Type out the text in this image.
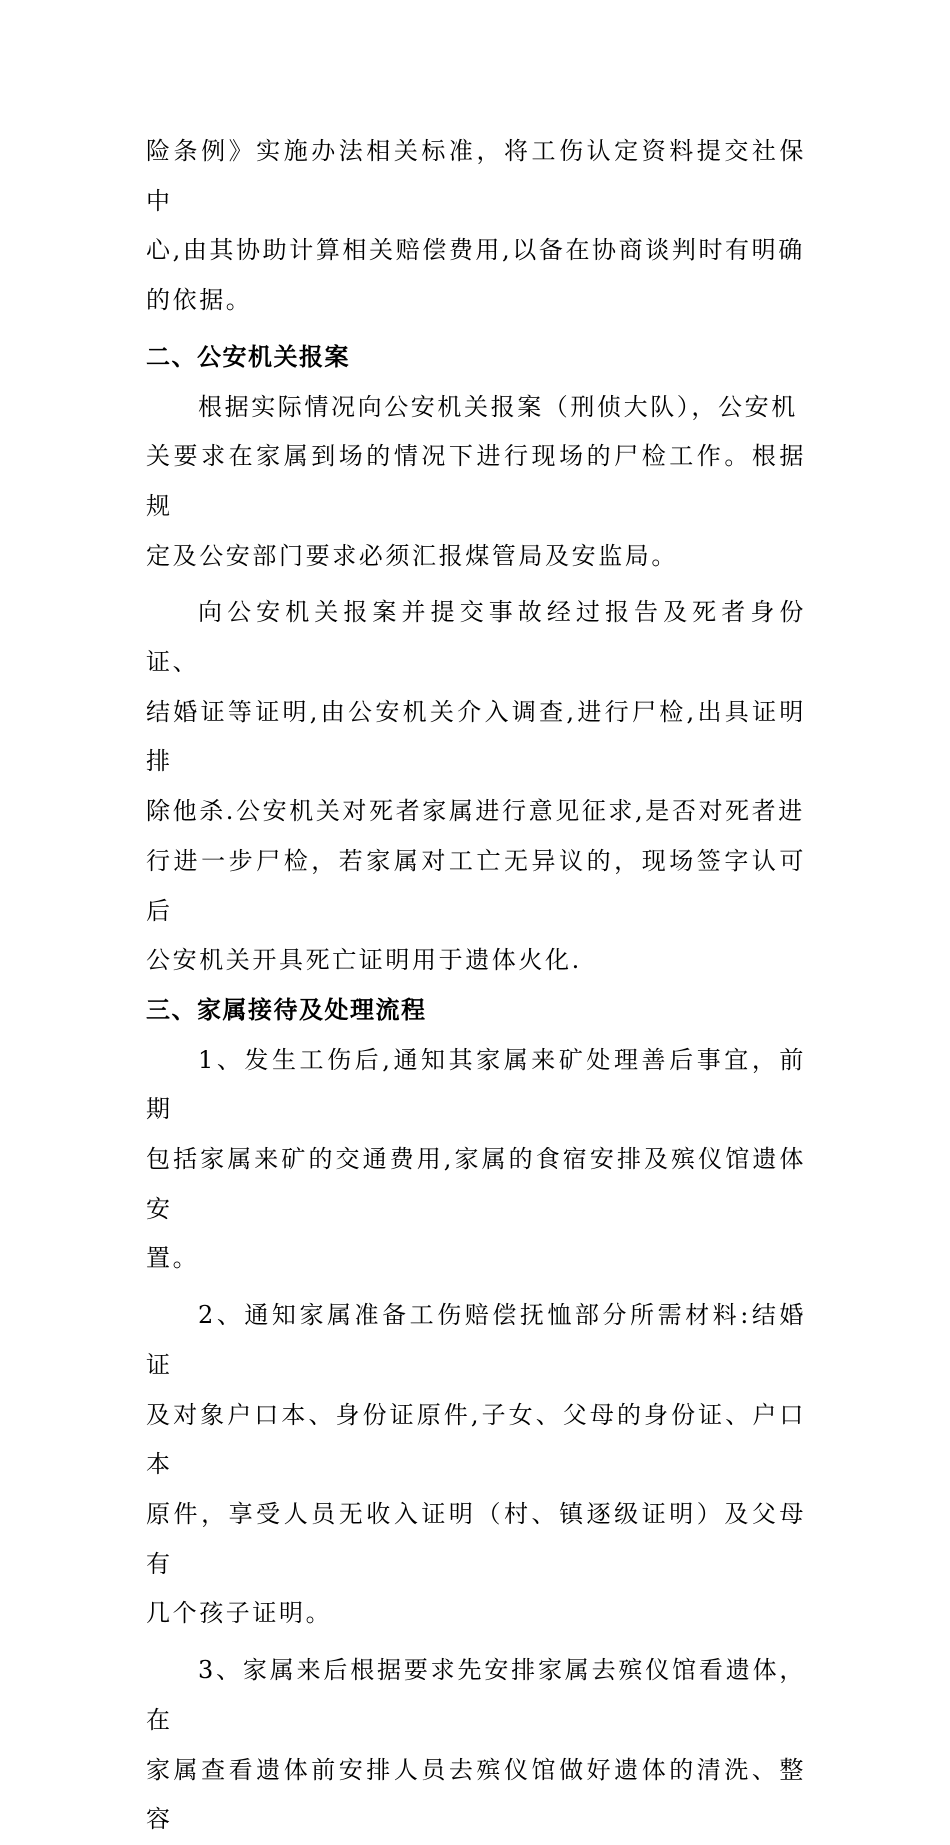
险条例》实施办法相关标准，将工伤认定资料提交社保中
心,由其协助计算相关赔偿费用,以备在协商谈判时有明确
的依据。

二、公安机关报案

根据实际情况向公安机关报案（刑侦大队），公安机
关要求在家属到场的情况下进行现场的尸检工作。根据规
定及公安部门要求必须汇报煤管局及安监局。

向公安机关报案并提交事故经过报告及死者身份证、
结婚证等证明,由公安机关介入调查,进行尸检,出具证明排
除他杀.公安机关对死者家属进行意见征求,是否对死者进
行进一步尸检，若家属对工亡无异议的，现场签字认可后
公安机关开具死亡证明用于遗体火化.

三、家属接待及处理流程

1、发生工伤后,通知其家属来矿处理善后事宜，前期
包括家属来矿的交通费用,家属的食宿安排及殡仪馆遗体安
置。

2、通知家属准备工伤赔偿抚恤部分所需材料:结婚证
及对象户口本、身份证原件,子女、父母的身份证、户口本
原件，享受人员无收入证明（村、镇逐级证明）及父母有
几个孩子证明。

3、家属来后根据要求先安排家属去殡仪馆看遗体，在
家属查看遗体前安排人员去殡仪馆做好遗体的清洗、整容
